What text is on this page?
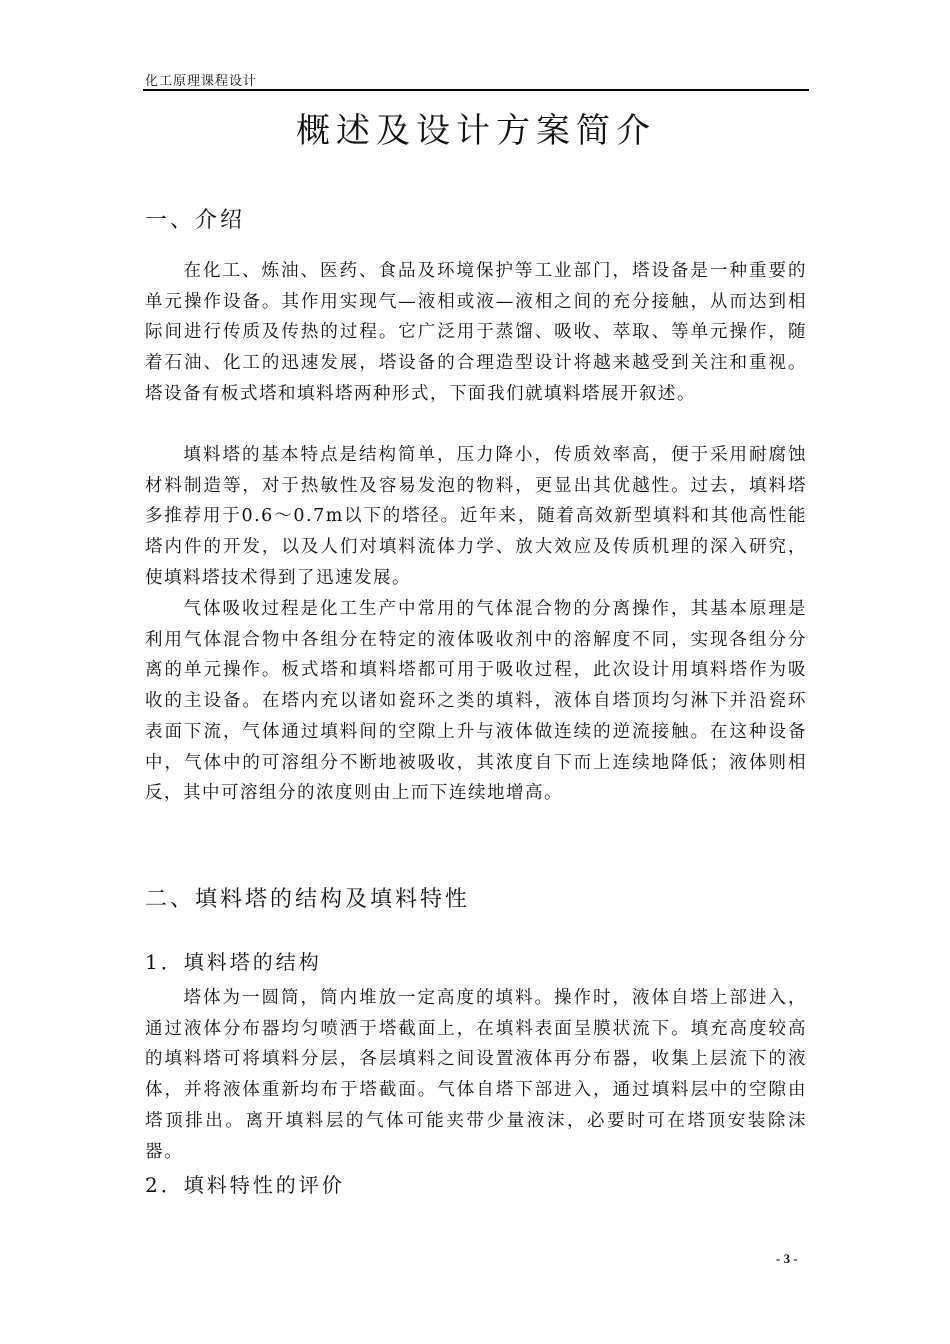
化工原理课程设计
概述及设计方案简介
一、介绍

在化工、炼油、医药、食品及环境保护等工业部门，塔设备是一种重要的单元操作设备。其作用实现气—液相或液—液相之间的充分接触，从而达到相际间进行传质及传热的过程。它广泛用于蒸馏、吸收、萃取、等单元操作，随着石油、化工的迅速发展，塔设备的合理造型设计将越来越受到关注和重视。塔设备有板式塔和填料塔两种形式，下面我们就填料塔展开叙述。

填料塔的基本特点是结构简单，压力降小，传质效率高，便于采用耐腐蚀材料制造等，对于热敏性及容易发泡的物料，更显出其优越性。过去，填料塔多推荐用于0.6～0.7m以下的塔径。近年来，随着高效新型填料和其他高性能塔内件的开发，以及人们对填料流体力学、放大效应及传质机理的深入研究，使填料塔技术得到了迅速发展。

气体吸收过程是化工生产中常用的气体混合物的分离操作，其基本原理是利用气体混合物中各组分在特定的液体吸收剂中的溶解度不同，实现各组分分离的单元操作。板式塔和填料塔都可用于吸收过程，此次设计用填料塔作为吸收的主设备。在塔内充以诸如瓷环之类的填料，液体自塔顶均匀淋下并沿瓷环表面下流，气体通过填料间的空隙上升与液体做连续的逆流接触。在这种设备中，气体中的可溶组分不断地被吸收，其浓度自下而上连续地降低；液体则相反，其中可溶组分的浓度则由上而下连续地增高。

二、填料塔的结构及填料特性
1．填料塔的结构

塔体为一圆筒，筒内堆放一定高度的填料。操作时，液体自塔上部进入，通过液体分布器均匀喷洒于塔截面上，在填料表面呈膜状流下。填充高度较高的填料塔可将填料分层，各层填料之间设置液体再分布器，收集上层流下的液体，并将液体重新均布于塔截面。气体自塔下部进入，通过填料层中的空隙由塔顶排出。离开填料层的气体可能夹带少量液沫，必要时可在塔顶安装除沫器。

2．填料特性的评价
- 3 -
